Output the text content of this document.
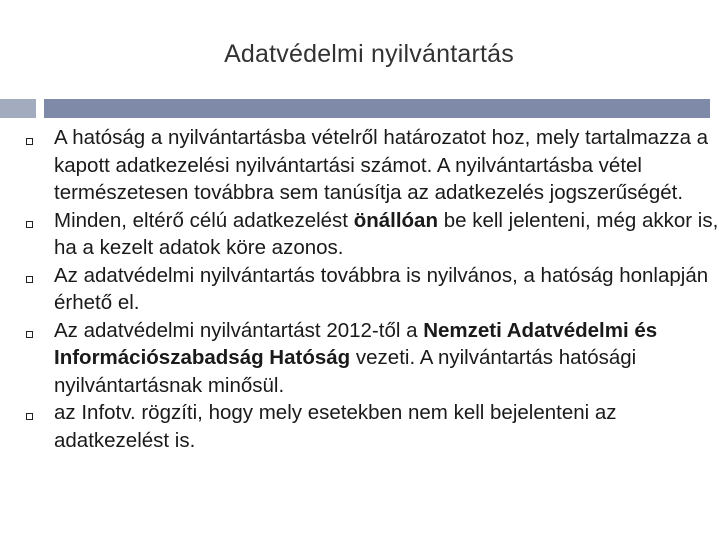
Adatvédelmi nyilvántartás
A hatóság a nyilvántartásba vételről határozatot hoz, mely tartalmazza a kapott adatkezelési nyilvántartási számot. A nyilvántartásba vétel természetesen továbbra sem tanúsítja az adatkezelés jogszerűségét.
Minden, eltérő célú adatkezelést önállóan be kell jelenteni, még akkor is, ha a kezelt adatok köre azonos.
Az adatvédelmi nyilvántartás továbbra is nyilvános, a hatóság honlapján érhető el.
Az adatvédelmi nyilvántartást 2012-től a Nemzeti Adatvédelmi és Információszabadság Hatóság vezeti. A nyilvántartás hatósági nyilvántartásnak minősül.
az Infotv. rögzíti, hogy mely esetekben nem kell bejelenteni az adatkezelést is.
